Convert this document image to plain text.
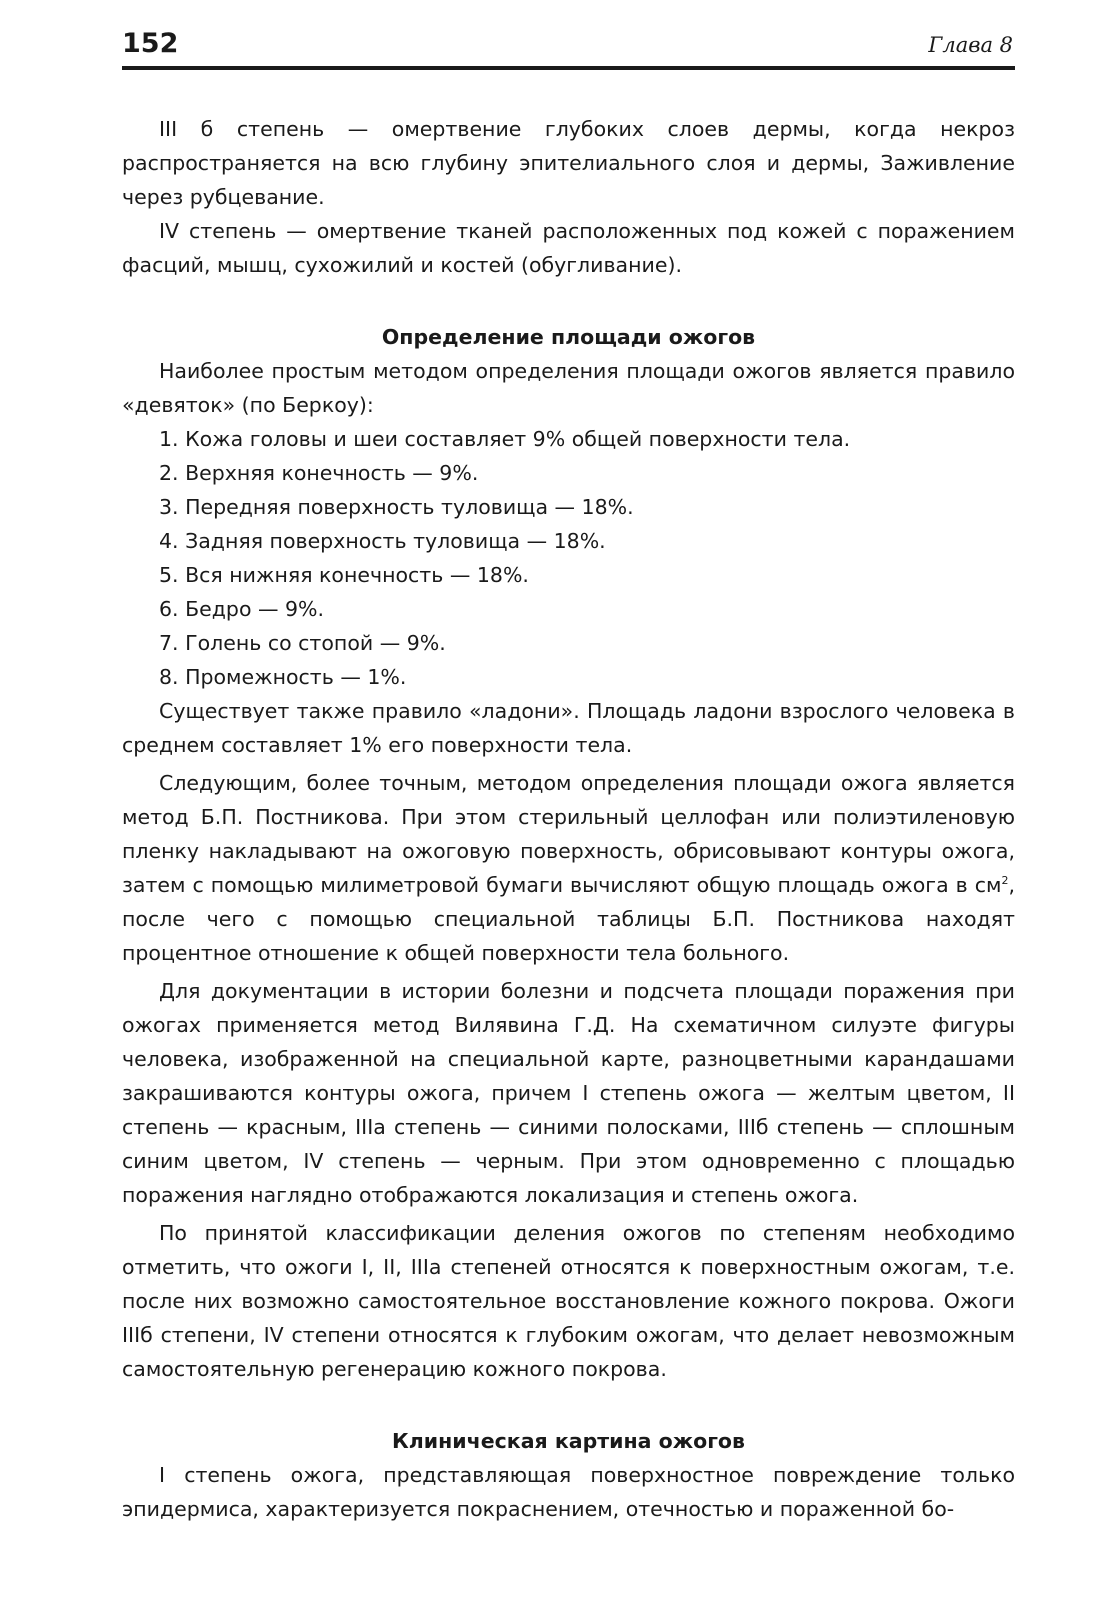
152	Глава 8

III б степень — омертвение глубоких слоев дермы, когда некроз распространяется на всю глубину эпителиального слоя и дермы, Заживление через рубцевание.

IV степень — омертвение тканей расположенных под кожей с поражением фасций, мышц, сухожилий и костей (обугливание).

Определение площади ожогов

Наиболее простым методом определения площади ожогов является правило «девяток» (по Беркоу):

1. Кожа головы и шеи составляет 9% общей поверхности тела.
2. Верхняя конечность — 9%.
3. Передняя поверхность туловища — 18%.
4. Задняя поверхность туловища — 18%.
5. Вся нижняя конечность — 18%.
6. Бедро — 9%.
7. Голень со стопой — 9%.
8. Промежность — 1%.

Существует также правило «ладони». Площадь ладони взрослого человека в среднем составляет 1% его поверхности тела.

Следующим, более точным, методом определения площади ожога является метод Б.П. Постникова. При этом стерильный целлофан или полиэтиленовую пленку накладывают на ожоговую поверхность, обрисовывают контуры ожога, затем с помощью милиметровой бумаги вычисляют общую площадь ожога в $см^2$, после чего с помощью специальной таблицы Б.П. Постникова находят процентное отношение к общей поверхности тела больного.

Для документации в истории болезни и подсчета площади поражения при ожогах применяется метод Вилявина Г.Д. На схематичном силуэте фигуры человека, изображенной на специальной карте, разноцветными карандашами закрашиваются контуры ожога, причем I степень ожога — желтым цветом, II степень — красным, IIIa степень — синими полосками, IIIб степень — сплошным синим цветом, IV степень — черным. При этом одновременно с площадью поражения наглядно отображаются локализация и степень ожога.

По принятой классификации деления ожогов по степеням необходимо отметить, что ожоги I, II, IIIa степеней относятся к поверхностным ожогам, т.е. после них возможно самостоятельное восстановление кожного покрова. Ожоги IIIб степени, IV степени относятся к глубоким ожогам, что делает невозможным самостоятельную регенерацию кожного покрова.

Клиническая картина ожогов

I степень ожога, представляющая поверхностное повреждение только эпидермиса, характеризуется покраснением, отечностью и пораженной бо-
